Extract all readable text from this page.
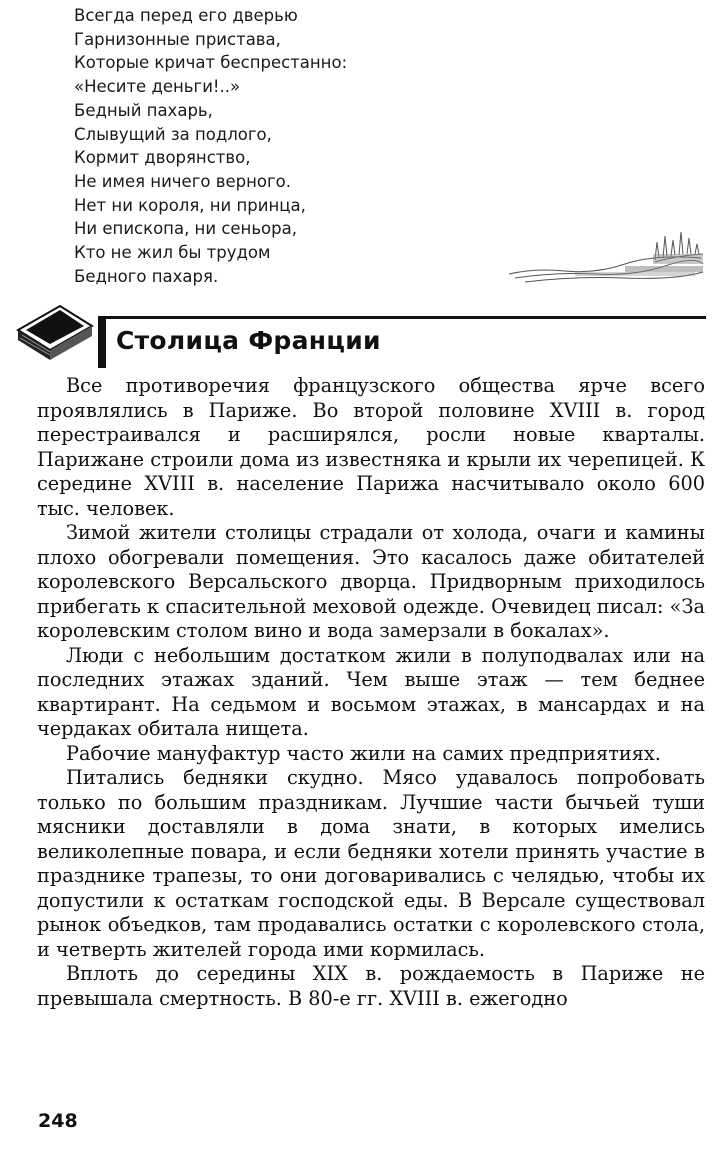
Всегда перед его дверью
Гарнизонные пристава,
Которые кричат беспрестанно:
«Несите деньги!..»
Бедный пахарь,
Слывущий за подлого,
Кормит дворянство,
Не имея ничего верного.
Нет ни короля, ни принца,
Ни епископа, ни сеньора,
Кто не жил бы трудом
Бедного пахаря.
Столица Франции

Все противоречия французского общества ярче всего проявлялись в Париже. Во второй половине XVIII в. город перестраивался и расширялся, росли новые кварталы. Парижане строили дома из известняка и крыли их черепицей. К середине XVIII в. население Парижа насчитывало около 600 тыс. человек.

Зимой жители столицы страдали от холода, очаги и камины плохо обогревали помещения. Это касалось даже обитателей королевского Версальского дворца. Придворным приходилось прибегать к спасительной меховой одежде. Очевидец писал: «За королевским столом вино и вода замерзали в бокалах».

Люди с небольшим достатком жили в полуподвалах или на последних этажах зданий. Чем выше этаж — тем беднее квартирант. На седьмом и восьмом этажах, в мансардах и на чердаках обитала нищета.

Рабочие мануфактур часто жили на самих предприятиях.

Питались бедняки скудно. Мясо удавалось попробовать только по большим праздникам. Лучшие части бычьей туши мясники доставляли в дома знати, в которых имелись великолепные повара, и если бедняки хотели принять участие в празднике трапезы, то они договаривались с челядью, чтобы их допустили к остаткам господской еды. В Версале существовал рынок объедков, там продавались остатки с королевского стола, и четверть жителей города ими кормилась.

Вплоть до середины XIX в. рождаемость в Париже не превышала смертность. В 80-е гг. XVIII в. ежегодно

248
